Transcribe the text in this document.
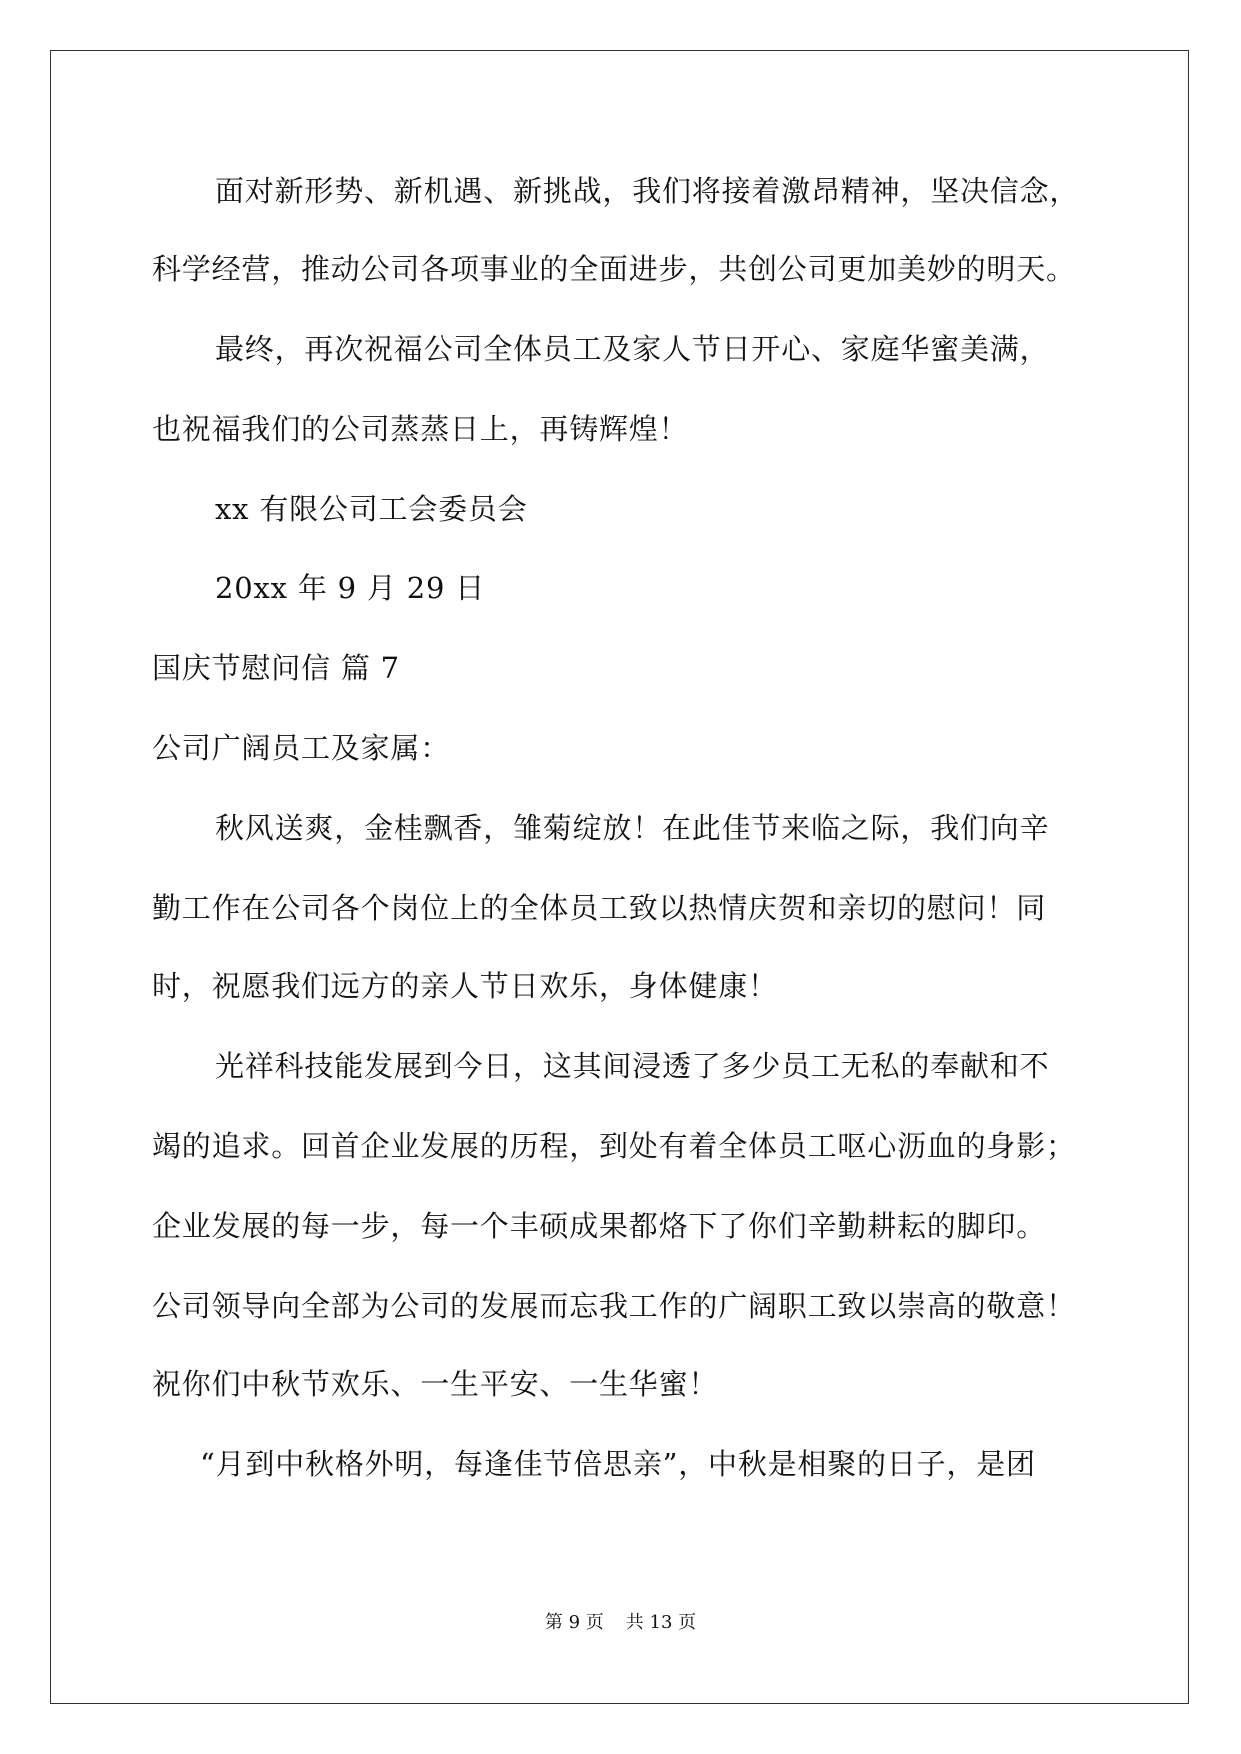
面对新形势、新机遇、新挑战，我们将接着激昂精神，坚决信念，
科学经营，推动公司各项事业的全面进步，共创公司更加美妙的明天。
最终，再次祝福公司全体员工及家人节日开心、家庭华蜜美满，
也祝福我们的公司蒸蒸日上，再铸辉煌！
xx 有限公司工会委员会
20xx 年 9 月 29 日
国庆节慰问信 篇 7
公司广阔员工及家属：
秋风送爽，金桂飘香，雏菊绽放！在此佳节来临之际，我们向辛
勤工作在公司各个岗位上的全体员工致以热情庆贺和亲切的慰问！同
时，祝愿我们远方的亲人节日欢乐，身体健康！
光祥科技能发展到今日，这其间浸透了多少员工无私的奉献和不
竭的追求。回首企业发展的历程，到处有着全体员工呕心沥血的身影；
企业发展的每一步，每一个丰硕成果都烙下了你们辛勤耕耘的脚印。
公司领导向全部为公司的发展而忘我工作的广阔职工致以崇高的敬意！
祝你们中秋节欢乐、一生平安、一生华蜜！
“月到中秋格外明，每逢佳节倍思亲”，中秋是相聚的日子，是团
第 9 页 共 13 页
